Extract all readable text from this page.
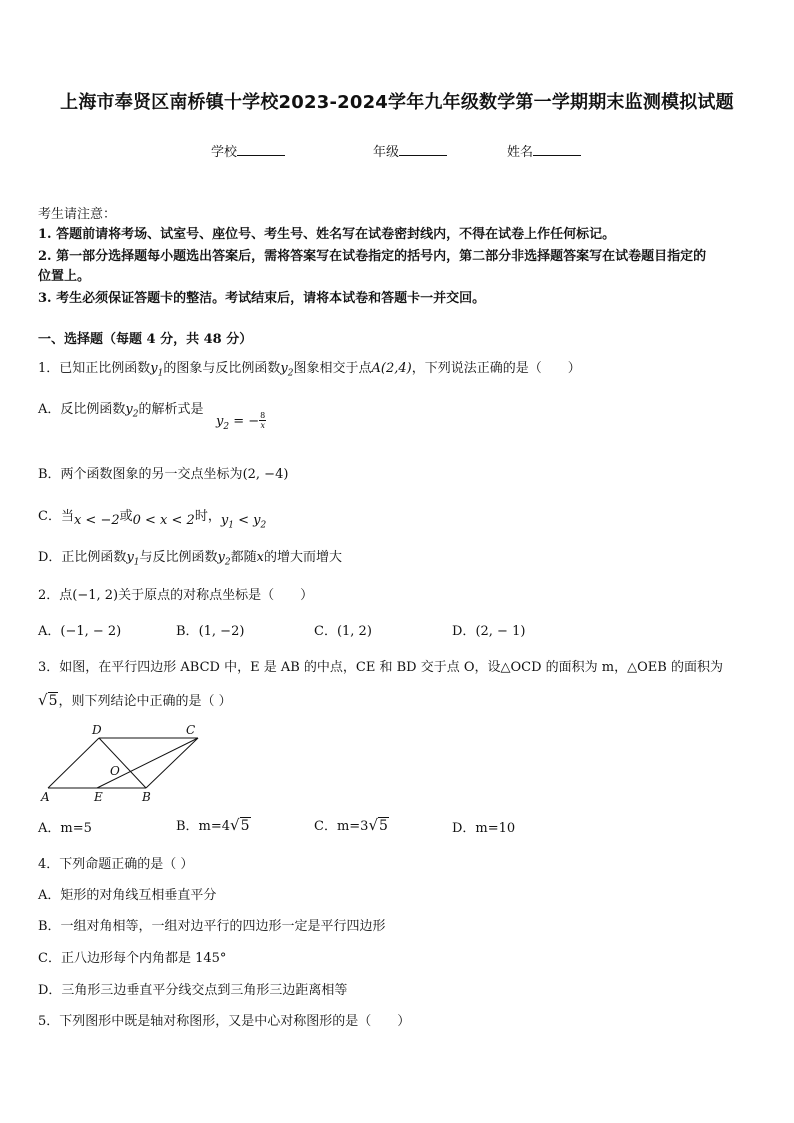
上海市奉贤区南桥镇十学校2023-2024学年九年级数学第一学期期末监测模拟试题
学校	年级	姓名
考生请注意：
1. 答题前请将考场、试室号、座位号、考生号、姓名写在试卷密封线内，不得在试卷上作任何标记。
2. 第一部分选择题每小题选出答案后，需将答案写在试卷指定的括号内，第二部分非选择题答案写在试卷题目指定的
位置上。
3. 考生必须保证答题卡的整洁。考试结束后，请将本试卷和答题卡一并交回。
一、选择题（每题 4 分，共 48 分）
1．已知正比例函数$y_1$的图象与反比例函数$y_2$图象相交于点A(2,4)，下列说法正确的是（　　）
A．反比例函数$y_2$的解析式是
$y_2$ = − $\frac{8}{x}$
B．两个函数图象的另一交点坐标为(2, −4)
C．当x < −2或0 < x < 2时，$y_1 < y_2$
D．正比例函数$y_1$与反比例函数$y_2$都随x的增大而增大
2．点(−1, 2)关于原点的对称点坐标是（　　）
A．(−1, − 2)	B．(1, −2)	C．(1, 2)	D．(2, − 1)
3．如图，在平行四边形 ABCD 中，E 是 AB 的中点，CE 和 BD 交于点 O，设△OCD 的面积为 m，△OEB 的面积为
√5，则下列结论中正确的是（ ）
D	C
O
A	E	B
A．m=5	B．m=4√5	C．m=3√5	D．m=10
4．下列命题正确的是（ ）
A．矩形的对角线互相垂直平分
B．一组对角相等，一组对边平行的四边形一定是平行四边形
C．正八边形每个内角都是 145°
D．三角形三边垂直平分线交点到三角形三边距离相等
5．下列图形中既是轴对称图形，又是中心对称图形的是（　　）
